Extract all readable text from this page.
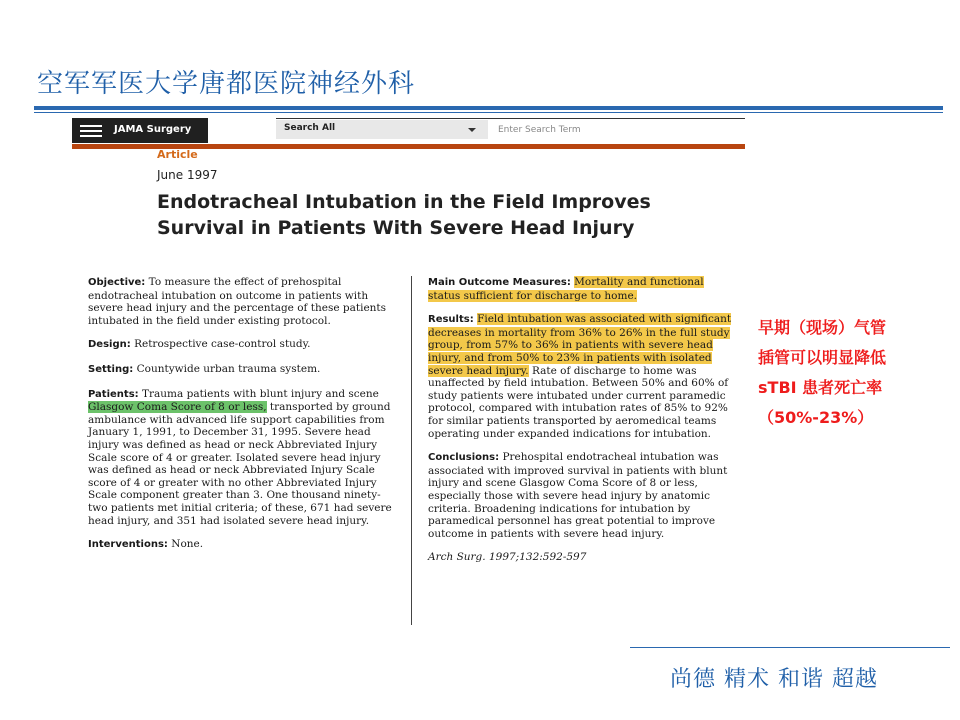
空军军医大学唐都医院神经外科
JAMA Surgery	Search All
Enter Search Term
Article
June 1997
Endotracheal Intubation in the Field Improves Survival in Patients With Severe Head Injury

Objective: To measure the effect of prehospital endotracheal intubation on outcome in patients with severe head injury and the percentage of these patients intubated in the field under existing protocol.

Design: Retrospective case-control study.

Setting: Countywide urban trauma system.

Patients: Trauma patients with blunt injury and scene Glasgow Coma Score of 8 or less, transported by ground ambulance with advanced life support capabilities from January 1, 1991, to December 31, 1995. Severe head injury was defined as head or neck Abbreviated Injury Scale score of 4 or greater. Isolated severe head injury was defined as head or neck Abbreviated Injury Scale score of 4 or greater with no other Abbreviated Injury Scale component greater than 3. One thousand ninety-two patients met initial criteria; of these, 671 had severe head injury, and 351 had isolated severe head injury.

Interventions: None.

Main Outcome Measures: Mortality and functional status sufficient for discharge to home.

Results: Field intubation was associated with significant decreases in mortality from 36% to 26% in the full study group, from 57% to 36% in patients with severe head injury, and from 50% to 23% in patients with isolated severe head injury. Rate of discharge to home was unaffected by field intubation. Between 50% and 60% of study patients were intubated under current paramedic protocol, compared with intubation rates of 85% to 92% for similar patients transported by aeromedical teams operating under expanded indications for intubation.

Conclusions: Prehospital endotracheal intubation was associated with improved survival in patients with blunt injury and scene Glasgow Coma Score of 8 or less, especially those with severe head injury by anatomic criteria. Broadening indications for intubation by paramedical personnel has great potential to improve outcome in patients with severe head injury.

Arch Surg. 1997;132:592-597

早期（现场）气管
插管可以明显降低
sTBI 患者死亡率
（50%-23%）
尚德 精术 和谐 超越
